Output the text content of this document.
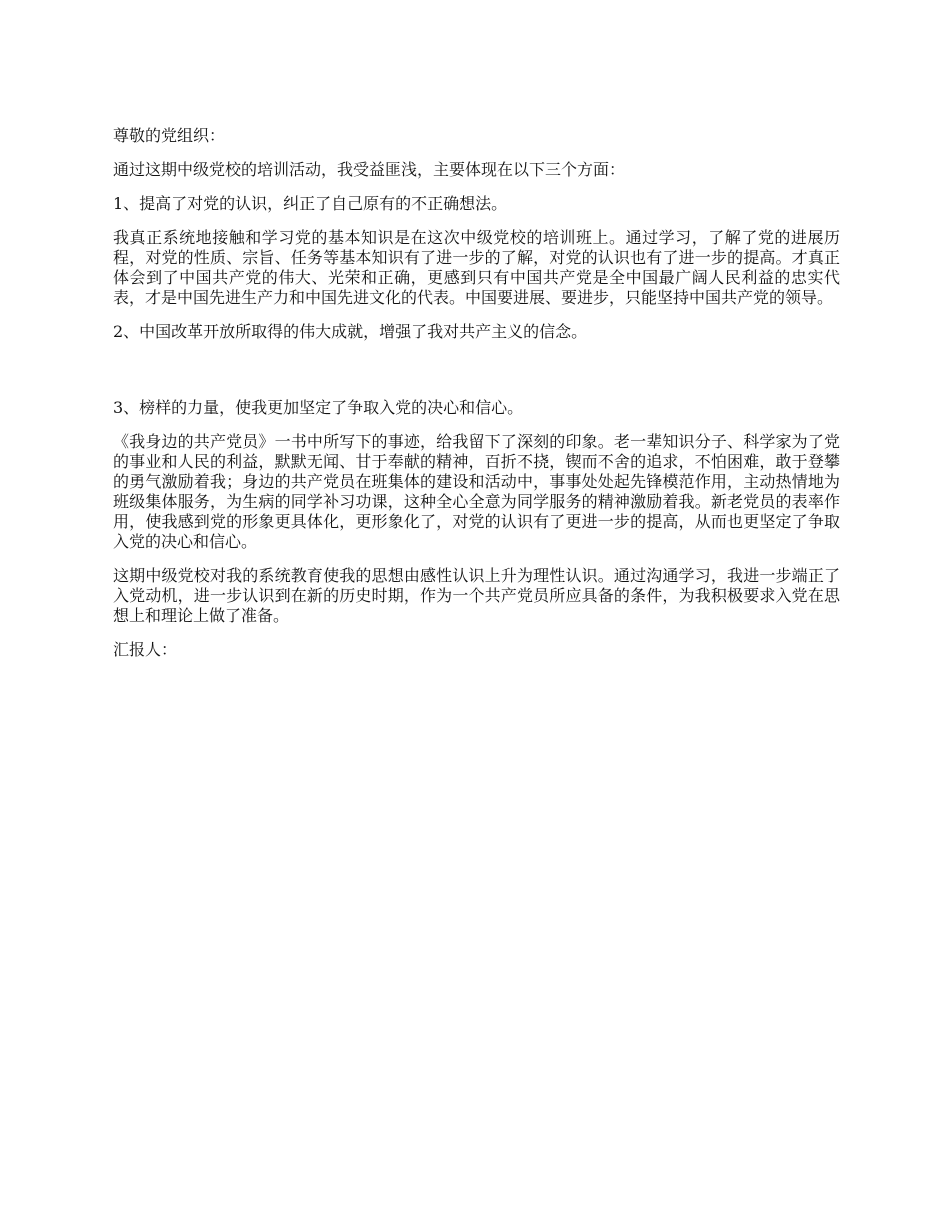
尊敬的党组织：

通过这期中级党校的培训活动，我受益匪浅，主要体现在以下三个方面：

1、提高了对党的认识，纠正了自己原有的不正确想法。

我真正系统地接触和学习党的基本知识是在这次中级党校的培训班上。通过学习，了解了党的进展历程，对党的性质、宗旨、任务等基本知识有了进一步的了解，对党的认识也有了进一步的提高。才真正体会到了中国共产党的伟大、光荣和正确，更感到只有中国共产党是全中国最广阔人民利益的忠实代表，才是中国先进生产力和中国先进文化的代表。中国要进展、要进步，只能坚持中国共产党的领导。

2、中国改革开放所取得的伟大成就，增强了我对共产主义的信念。

3、榜样的力量，使我更加坚定了争取入党的决心和信心。

《我身边的共产党员》一书中所写下的事迹，给我留下了深刻的印象。老一辈知识分子、科学家为了党的事业和人民的利益，默默无闻、甘于奉献的精神，百折不挠，锲而不舍的追求，不怕困难，敢于登攀的勇气激励着我；身边的共产党员在班集体的建设和活动中，事事处处起先锋模范作用，主动热情地为班级集体服务，为生病的同学补习功课，这种全心全意为同学服务的精神激励着我。新老党员的表率作用，使我感到党的形象更具体化，更形象化了，对党的认识有了更进一步的提高，从而也更坚定了争取入党的决心和信心。

这期中级党校对我的系统教育使我的思想由感性认识上升为理性认识。通过沟通学习，我进一步端正了入党动机，进一步认识到在新的历史时期，作为一个共产党员所应具备的条件，为我积极要求入党在思想上和理论上做了准备。

汇报人：
